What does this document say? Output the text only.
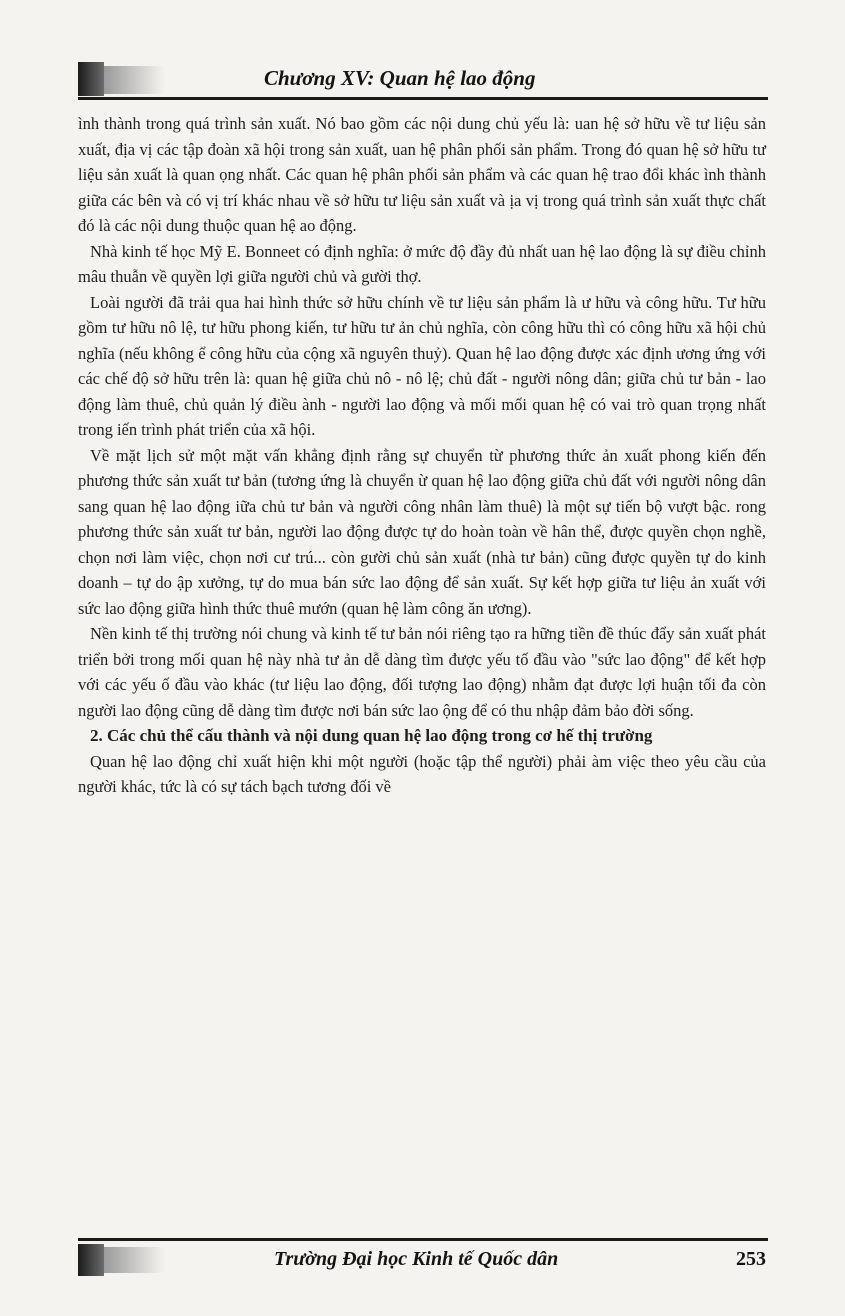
Chương XV: Quan hệ lao động

ình thành trong quá trình sản xuất. Nó bao gồm các nội dung chủ yếu là: uan hệ sở hữu về tư liệu sản xuất, địa vị các tập đoàn xã hội trong sản xuất, uan hệ phân phối sản phẩm. Trong đó quan hệ sở hữu tư liệu sản xuất là quan ọng nhất. Các quan hệ phân phối sản phẩm và các quan hệ trao đổi khác ình thành giữa các bên và có vị trí khác nhau về sở hữu tư liệu sản xuất và ịa vị trong quá trình sản xuất thực chất đó là các nội dung thuộc quan hệ ao động.

Nhà kinh tế học Mỹ E. Bonneet có định nghĩa: ở mức độ đầy đủ nhất uan hệ lao động là sự điều chỉnh mâu thuẫn về quyền lợi giữa người chủ và gười thợ.

Loài người đã trải qua hai hình thức sở hữu chính về tư liệu sản phẩm là ư hữu và công hữu. Tư hữu gồm tư hữu nô lệ, tư hữu phong kiến, tư hữu tư ản chủ nghĩa, còn công hữu thì có công hữu xã hội chủ nghĩa (nếu không ể công hữu của cộng xã nguyên thuỷ). Quan hệ lao động được xác định ương ứng với các chế độ sở hữu trên là: quan hệ giữa chủ nô - nô lệ; chủ đất - người nông dân; giữa chủ tư bản - lao động làm thuê, chủ quản lý điều ành - người lao động và mối mối quan hệ có vai trò quan trọng nhất trong iến trình phát triển của xã hội.

Về mặt lịch sử một mặt vấn khẳng định rằng sự chuyển từ phương thức ản xuất phong kiến đến phương thức sản xuất tư bản (tương ứng là chuyển ừ quan hệ lao động giữa chủ đất với người nông dân sang quan hệ lao động iữa chủ tư bản và người công nhân làm thuê) là một sự tiến bộ vượt bậc. rong phương thức sản xuất tư bản, người lao động được tự do hoàn toàn về hân thể, được quyền chọn nghề, chọn nơi làm việc, chọn nơi cư trú... còn gười chủ sản xuất (nhà tư bản) cũng được quyền tự do kinh doanh – tự do ập xưởng, tự do mua bán sức lao động để sản xuất. Sự kết hợp giữa tư liệu ản xuất với sức lao động giữa hình thức thuê mướn (quan hệ làm công ăn ương).

Nền kinh tế thị trường nói chung và kinh tế tư bản nói riêng tạo ra hững tiền đề thúc đẩy sản xuất phát triển bởi trong mối quan hệ này nhà tư ản dễ dàng tìm được yếu tố đầu vào "sức lao động" để kết hợp với các yếu ố đầu vào khác (tư liệu lao động, đối tượng lao động) nhằm đạt được lợi huận tối đa còn người lao động cũng dễ dàng tìm được nơi bán sức lao ộng để có thu nhập đảm bảo đời sống.

2. Các chủ thể cấu thành và nội dung quan hệ lao động trong cơ hế thị trường

Quan hệ lao động chỉ xuất hiện khi một người (hoặc tập thể người) phải àm việc theo yêu cầu của người khác, tức là có sự tách bạch tương đối về

Trường Đại học Kinh tế Quốc dân	253
